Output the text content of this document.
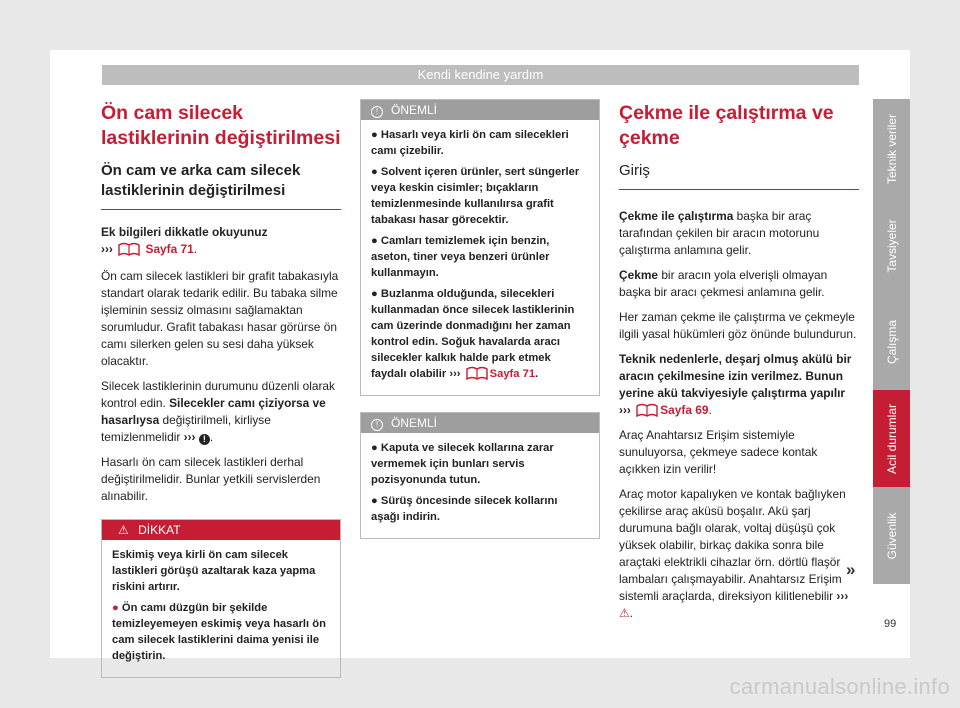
Kendi kendine yardım
Ön cam silecek lastiklerinin değiştirilmesi
Ön cam ve arka cam silecek lastiklerinin değiştirilmesi

Ek bilgileri dikkatle okuyunuz
›››	Sayfa 71.

Ön cam silecek lastikleri bir grafit tabakasıyla standart olarak tedarik edilir. Bu tabaka silme işleminin sessiz olmasını sağlamaktan sorumludur. Grafit tabakası hasar görürse ön camı silerken gelen su sesi daha yüksek olacaktır.

Silecek lastiklerinin durumunu düzenli olarak kontrol edin. Silecekler camı çiziyorsa ve hasarlıysa değiştirilmeli, kirliyse temizlenmelidir ››› ! .

Hasarlı ön cam silecek lastikleri derhal değiştirilmelidir. Bunlar yetkili servislerden alınabilir.

⚠ DİKKAT

Eskimiş veya kirli ön cam silecek lastikleri görüşü azaltarak kaza yapma riskini artırır.

● Ön camı düzgün bir şekilde temizleyemeyen eskimiş veya hasarlı ön cam silecek lastiklerini daima yenisi ile değiştirin.

! ÖNEMLİ

● Hasarlı veya kirli ön cam silecekleri camı çizebilir.

● Solvent içeren ürünler, sert süngerler veya keskin cisimler; bıçakların temizlenmesinde kullanılırsa grafit tabakası hasar görecektir.

● Camları temizlemek için benzin, aseton, tiner veya benzeri ürünler kullanmayın.

● Buzlanma olduğunda, silecekleri kullanmadan önce silecek lastiklerinin cam üzerinde donmadığını her zaman kontrol edin. Soğuk havalarda aracı silecekler kalkık halde park etmek faydalı olabilir ›››	Sayfa 71.

! ÖNEMLİ

● Kaputa ve silecek kollarına zarar vermemek için bunları servis pozisyonunda tutun.

● Sürüş öncesinde silecek kollarını aşağı indirin.

Çekme ile çalıştırma ve çekme
Giriş

Çekme ile çalıştırma başka bir araç tarafından çekilen bir aracın motorunu çalıştırma anlamına gelir.

Çekme bir aracın yola elverişli olmayan başka bir aracı çekmesi anlamına gelir.

Her zaman çekme ile çalıştırma ve çekmeyle ilgili yasal hükümleri göz önünde bulundurun.

Teknik nedenlerle, deşarj olmuş akülü bir aracın çekilmesine izin verilmez. Bunun yerine akü takviyesiyle çalıştırma yapılır ››› Sayfa 69.

Araç Anahtarsız Erişim sistemiyle sunuluyorsa, çekmeye sadece kontak açıkken izin verilir!

Araç motor kapalıyken ve kontak bağlıyken çekilirse araç aküsü boşalır. Akü şarj durumuna bağlı olarak, voltaj düşüşü çok yüksek olabilir, birkaç dakika sonra bile araçtaki elektrikli cihazlar örn. dörtlü flaşör lambaları çalışmayabilir. Anahtarsız Erişim sistemli araçlarda, direksiyon kilitlenebilir ››› ⚠.

»
Teknik veriler
Tavsiyeler
Çalışma
Acil durumlar
Güvenlik
99
carmanualsonline.info
